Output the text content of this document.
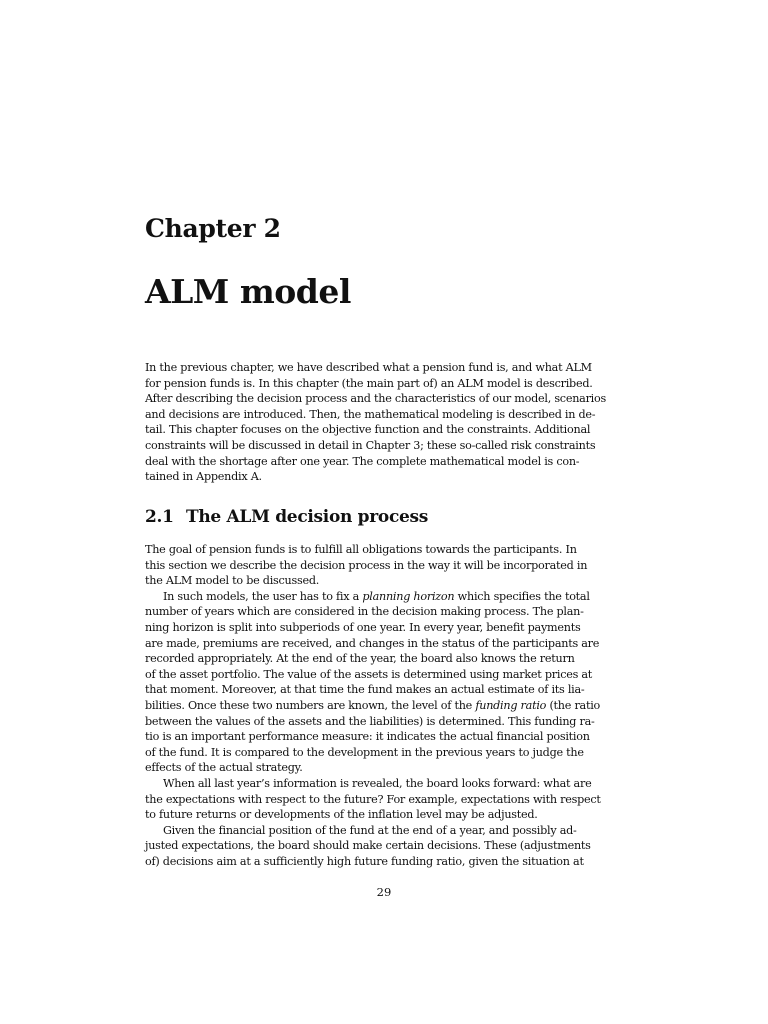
Chapter 2
ALM model
In the previous chapter, we have described what a pension fund is, and what ALM
for pension funds is. In this chapter (the main part of) an ALM model is described.
After describing the decision process and the characteristics of our model, scenarios
and decisions are introduced. Then, the mathematical modeling is described in de-
tail. This chapter focuses on the objective function and the constraints. Additional
constraints will be discussed in detail in Chapter 3; these so-called risk constraints
deal with the shortage after one year. The complete mathematical model is con-
tained in Appendix A.
2.1 The ALM decision process
The goal of pension funds is to fulfill all obligations towards the participants. In
this section we describe the decision process in the way it will be incorporated in
the ALM model to be discussed.
In such models, the user has to fix a planning horizon which specifies the total
number of years which are considered in the decision making process. The plan-
ning horizon is split into subperiods of one year. In every year, benefit payments
are made, premiums are received, and changes in the status of the participants are
recorded appropriately. At the end of the year, the board also knows the return
of the asset portfolio. The value of the assets is determined using market prices at
that moment. Moreover, at that time the fund makes an actual estimate of its lia-
bilities. Once these two numbers are known, the level of the funding ratio (the ratio
between the values of the assets and the liabilities) is determined. This funding ra-
tio is an important performance measure: it indicates the actual financial position
of the fund. It is compared to the development in the previous years to judge the
effects of the actual strategy.
When all last year’s information is revealed, the board looks forward: what are
the expectations with respect to the future? For example, expectations with respect
to future returns or developments of the inflation level may be adjusted.
Given the financial position of the fund at the end of a year, and possibly ad-
justed expectations, the board should make certain decisions. These (adjustments
of) decisions aim at a sufficiently high future funding ratio, given the situation at
29
